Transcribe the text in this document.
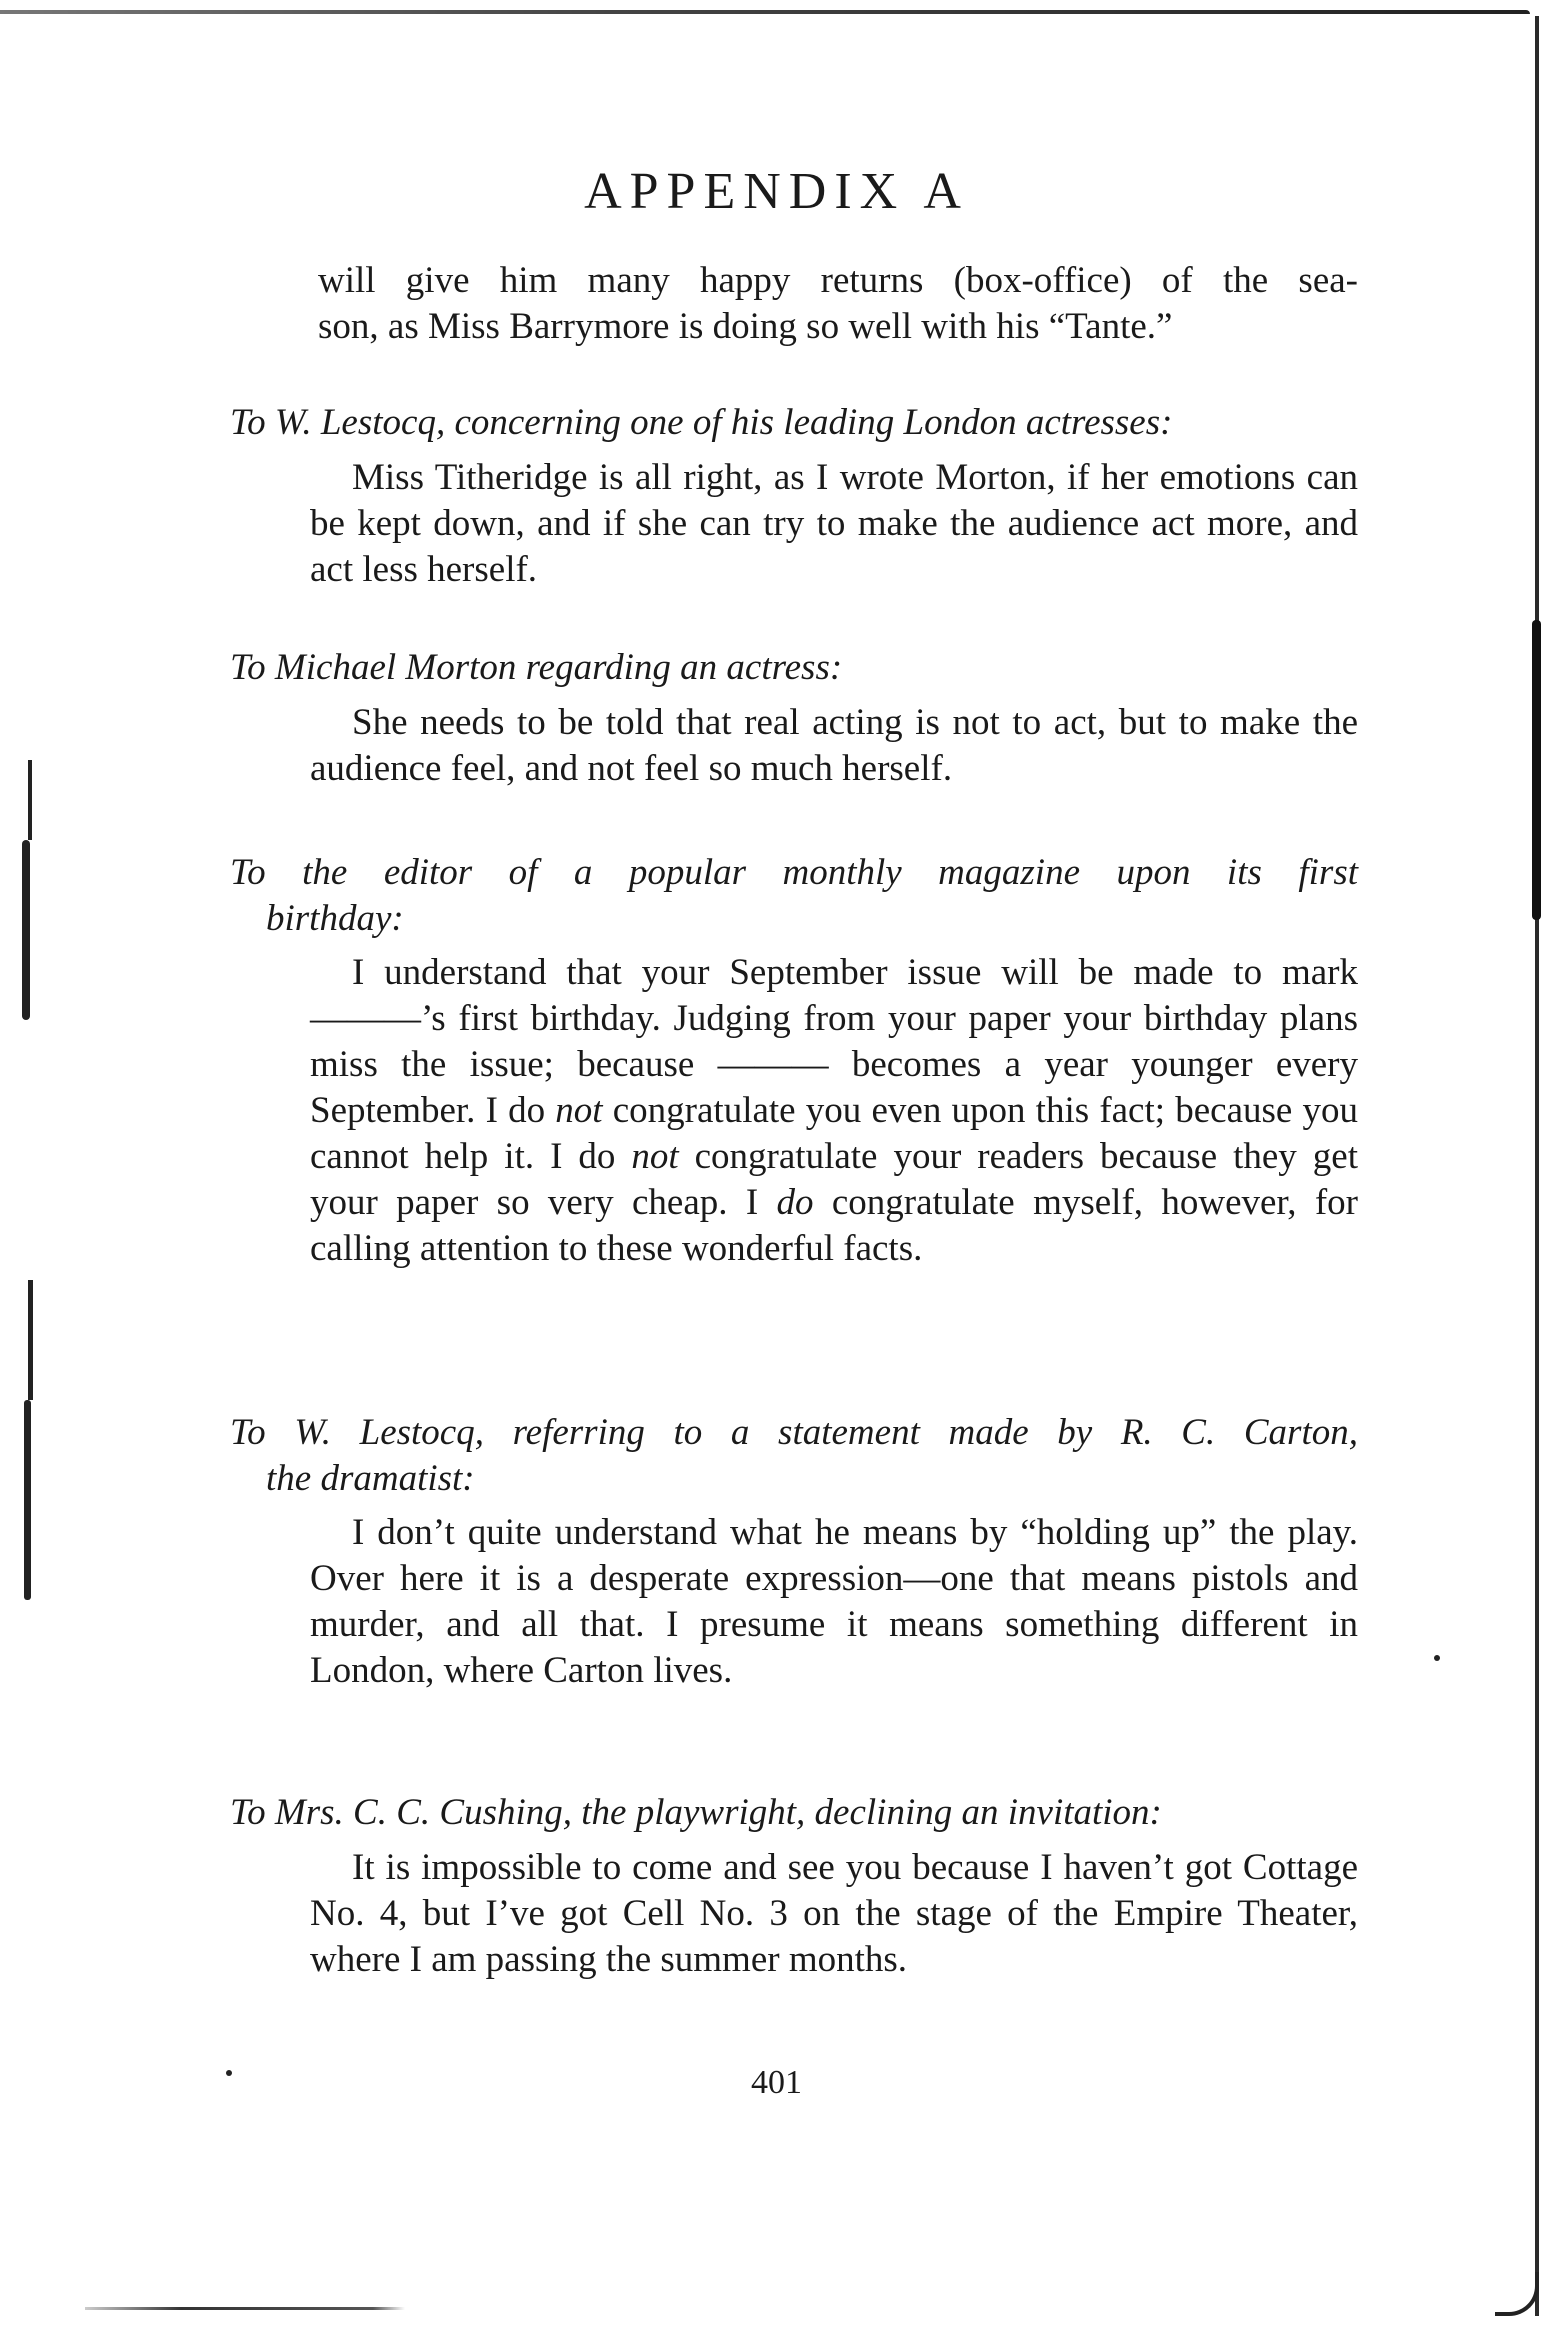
APPENDIX A
will give him many happy returns (box-office) of the sea-
son, as Miss Barrymore is doing so well with his “Tante.”

To W. Lestocq, concerning one of his leading London actresses:

Miss Titheridge is all right, as I wrote Morton, if her emotions can be kept down, and if she can try to make the audience act more, and act less herself.

To Michael Morton regarding an actress:

She needs to be told that real acting is not to act, but to make the audience feel, and not feel so much herself.

To the editor of a popular monthly magazine upon its first
birthday:

I understand that your September issue will be made to mark ———’s first birthday. Judging from your paper your birthday plans miss the issue; because ——— becomes a year younger every September. I do not congratulate you even upon this fact; because you cannot help it. I do not congratulate your readers because they get your paper so very cheap. I do congratulate myself, however, for calling attention to these wonderful facts.

To W. Lestocq, referring to a statement made by R. C. Carton,
the dramatist:

I don’t quite understand what he means by “holding up” the play. Over here it is a desperate expression—one that means pistols and murder, and all that. I presume it means something different in London, where Carton lives.

To Mrs. C. C. Cushing, the playwright, declining an invitation:

It is impossible to come and see you because I haven’t got Cottage No. 4, but I’ve got Cell No. 3 on the stage of the Empire Theater, where I am passing the summer months.

401
